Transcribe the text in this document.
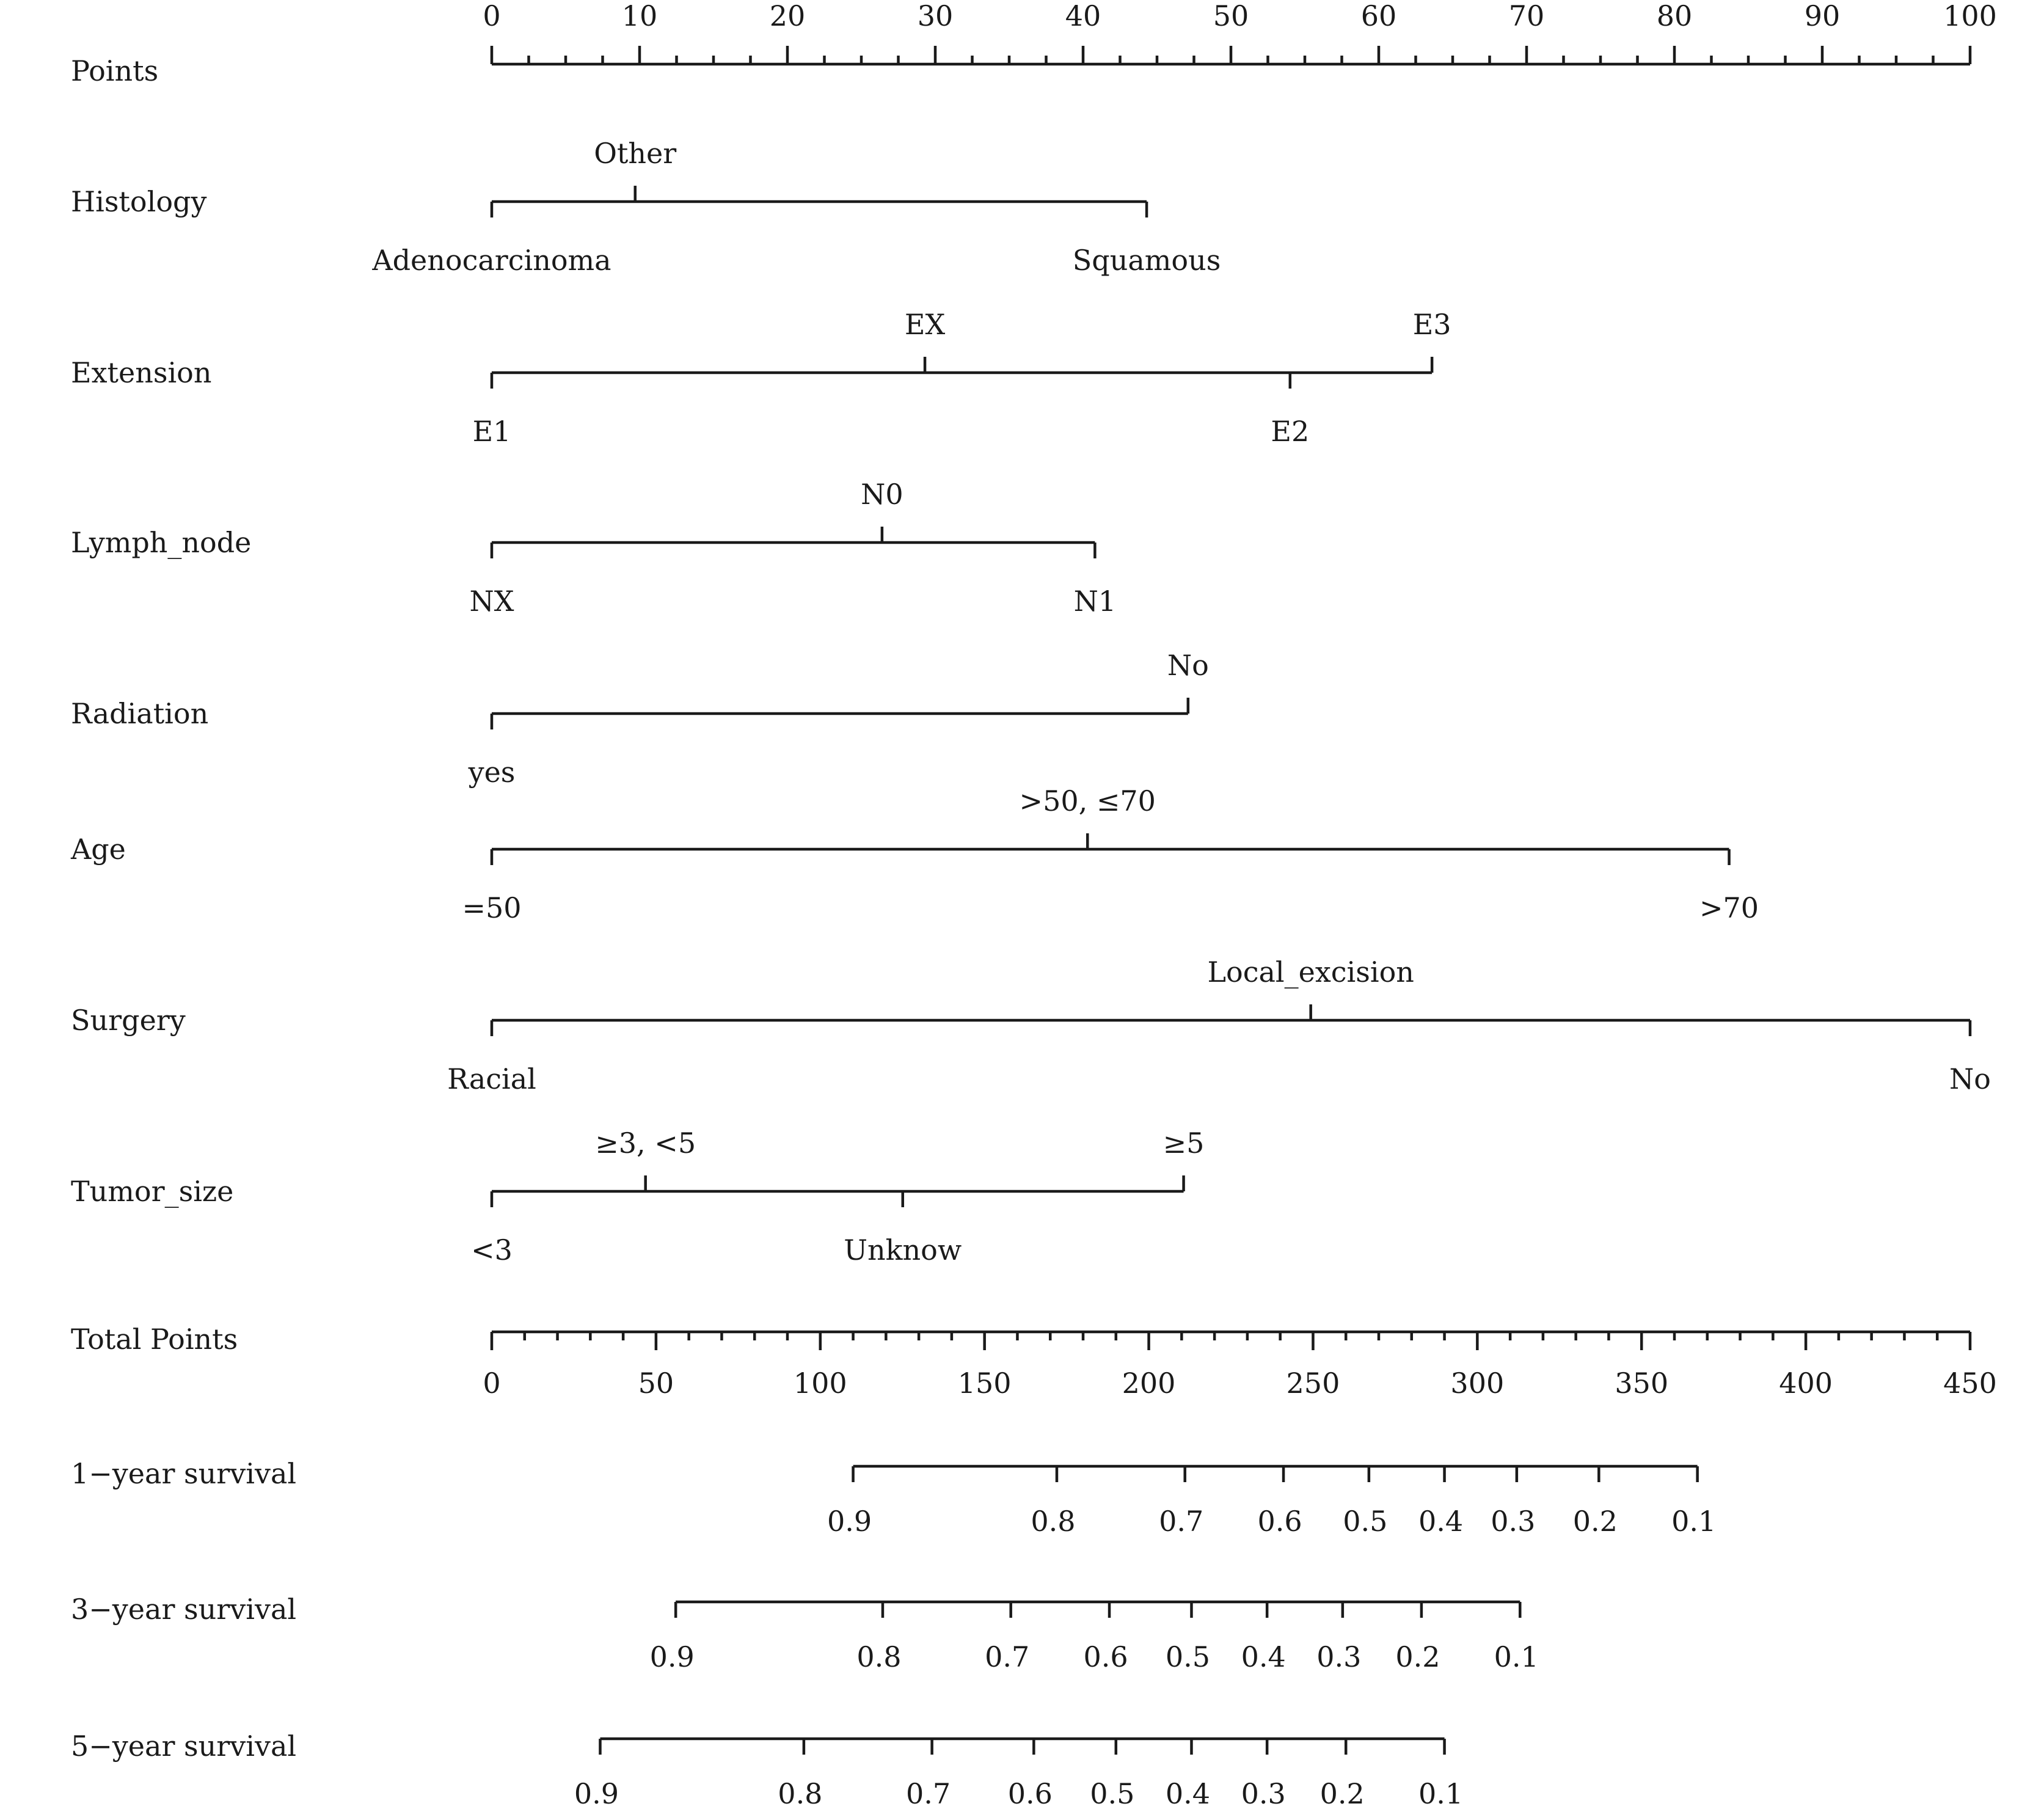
Points
0	10	20	30	40	50	60	70	80	90	100
Histology
Adenocarcinoma
Other
Squamous
Extension
E1
EX
E2
E3
Lymph_node
NX
N0
N1
Radiation
yes
No
Age
=50
>50, ≤70
>70
Surgery
Racial
Local_excision
No
Tumor_size
<3
≥3, <5
Unknow
≥5
Total Points
0	50	100	150	200	250	300	350	400	450
1−year survival
0.9	0.8	0.7 0.6 0.5 0.4 0.3 0.2 0.1
3−year survival
0.9	0.8	0.7 0.6 0.5 0.4 0.3 0.2 0.1
5−year survival
0.9	0.8	0.7 0.6 0.5 0.4 0.3 0.2 0.1
